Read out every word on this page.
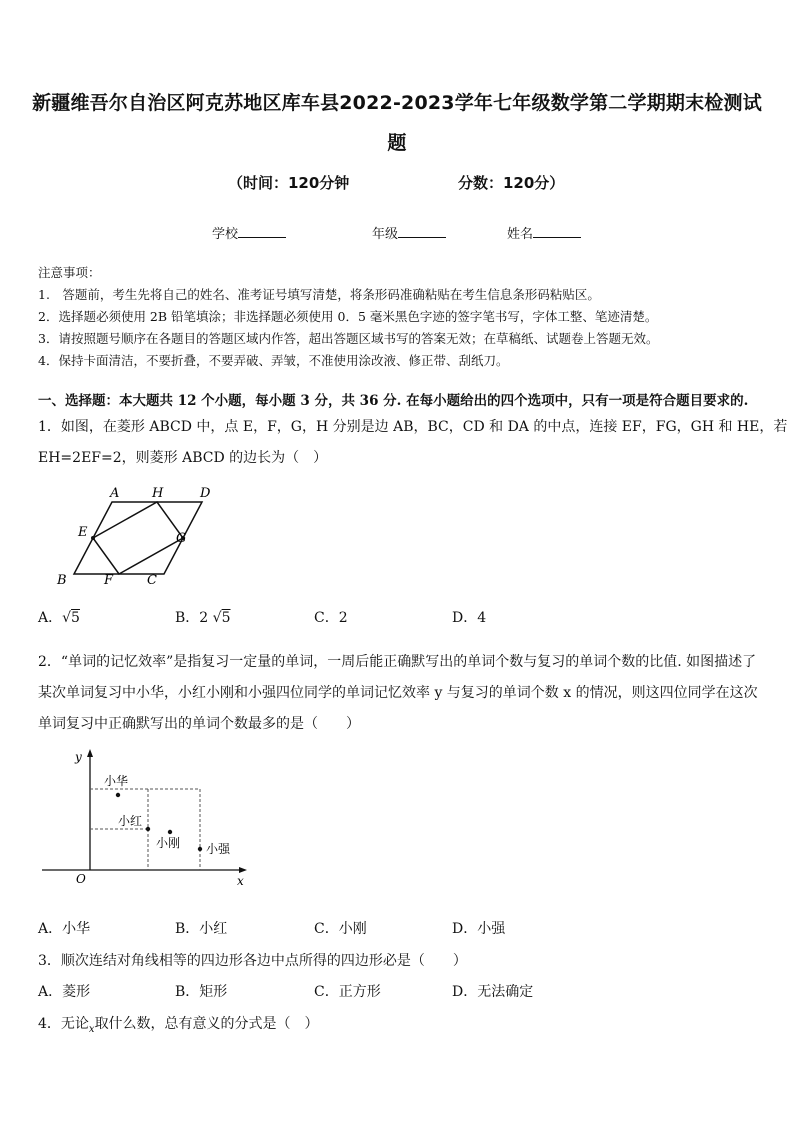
新疆维吾尔自治区阿克苏地区库车县2022-2023学年七年级数学第二学期期末检测试
题
（时间：120分钟	分数：120分）
学校	年级	姓名
注意事项：
1.　答题前，考生先将自己的姓名、准考证号填写清楚，将条形码准确粘贴在考生信息条形码粘贴区。
2．选择题必须使用 2B 铅笔填涂；非选择题必须使用 0．5 毫米黑色字迹的签字笔书写，字体工整、笔迹清楚。
3．请按照题号顺序在各题目的答题区域内作答，超出答题区域书写的答案无效；在草稿纸、试题卷上答题无效。
4．保持卡面清洁，不要折叠，不要弄破、弄皱，不准使用涂改液、修正带、刮纸刀。
一、选择题：本大题共 12 个小题，每小题 3 分，共 36 分. 在每小题给出的四个选项中，只有一项是符合题目要求的.
1．如图，在菱形 ABCD 中，点 E，F，G，H 分别是边 AB，BC，CD 和 DA 的中点，连接 EF，FG，GH 和 HE，若
EH=2EF=2，则菱形 ABCD 的边长为（　）
A	H	D
E	G
B	F	C
A．√5	B．2 √5	C．2	D．4
2．“单词的记忆效率”是指复习一定量的单词，一周后能正确默写出的单词个数与复习的单词个数的比值. 如图描述了
某次单词复习中小华，小红小刚和小强四位同学的单词记忆效率 y 与复习的单词个数 x 的情况，则这四位同学在这次
单词复习中正确默写出的单词个数最多的是（　　）
y
x
O
小华
小红
小刚 小强
A．小华	B．小红	C．小刚	D．小强
3．顺次连结对角线相等的四边形各边中点所得的四边形必是（　　）
A．菱形	B．矩形	C．正方形	D．无法确定
4．无论$_x$取什么数，总有意义的分式是（　）
